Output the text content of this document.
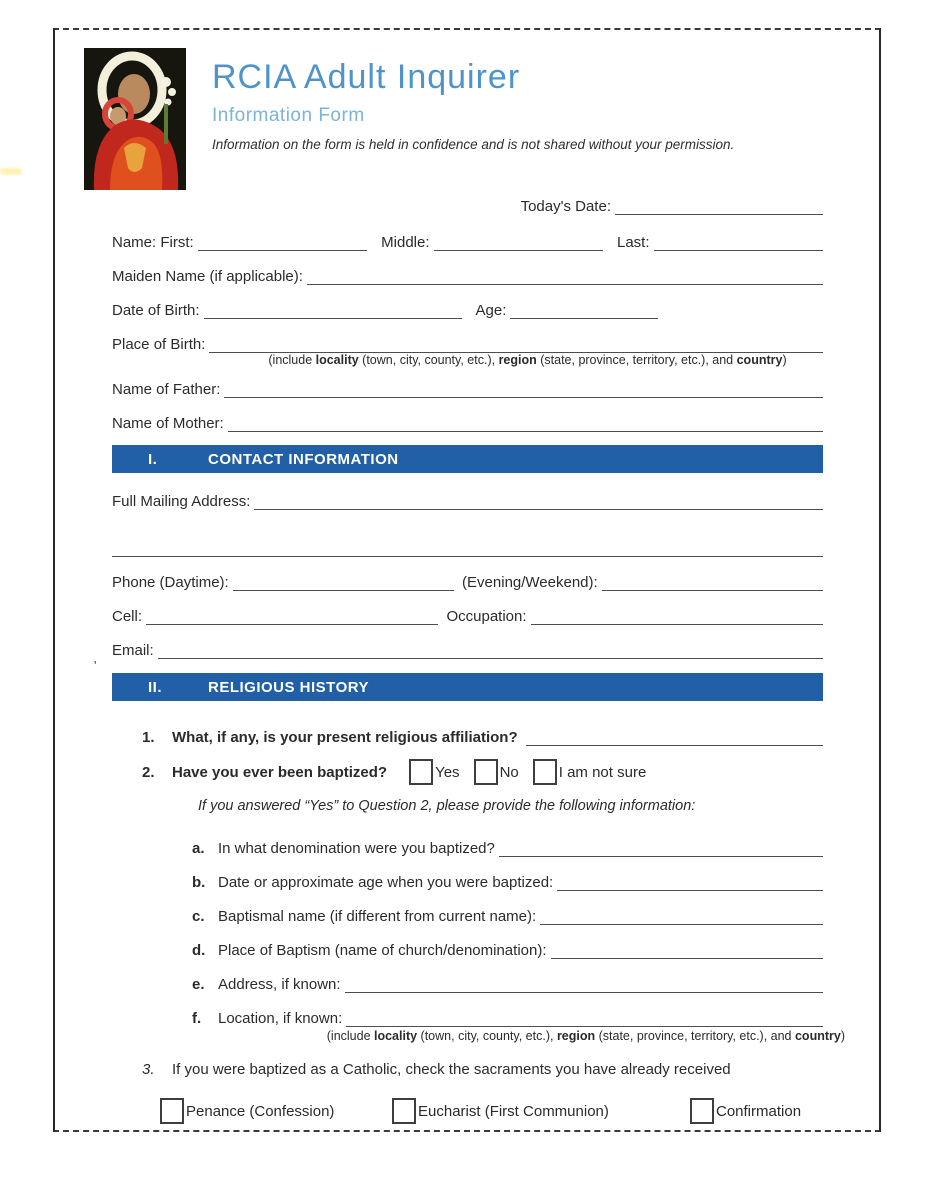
RCIA Adult Inquirer
Information Form
Information on the form is held in confidence and is not shared without your permission.
Today's Date:
Name: First:	Middle:	Last:
Maiden Name (if applicable):
Date of Birth:	Age:
Place of Birth:
(include locality (town, city, county, etc.), region (state, province, territory, etc.), and country)
Name of Father:
Name of Mother:
I.	CONTACT INFORMATION
Full Mailing Address:
Phone (Daytime):	(Evening/Weekend):
Cell:	Occupation:
Email:
II.	RELIGIOUS HISTORY
1.	What, if any, is your present religious affiliation?
2.	Have you ever been baptized?	Yes	No	I am not sure
If you answered “Yes” to Question 2, please provide the following information:
a. In what denomination were you baptized?
b. Date or approximate age when you were baptized:
c. Baptismal name (if different from current name):
d. Place of Baptism (name of church/denomination):
e. Address, if known:
f.	Location, if known:
(include locality (town, city, county, etc.), region (state, province, territory, etc.), and country)
3.	If you were baptized as a Catholic, check the sacraments you have already received
Penance (Confession)	Eucharist (First Communion)	Confirmation
'
